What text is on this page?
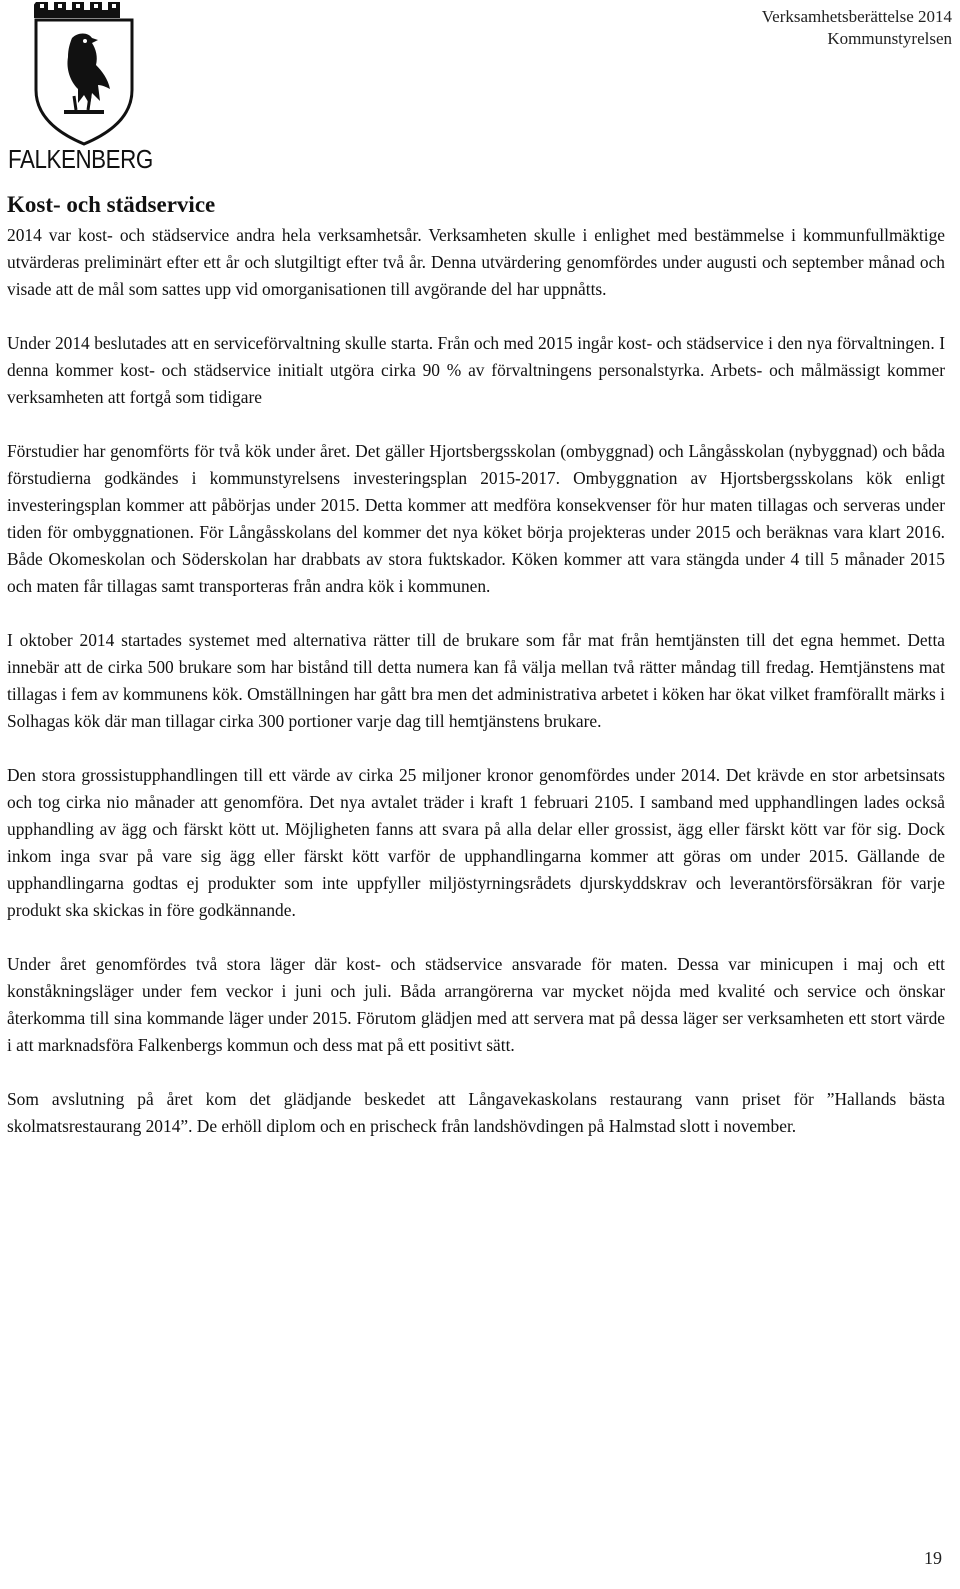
FALKENBERG
Verksamhetsberättelse 2014
Kommunstyrelsen
Kost- och städservice

2014 var kost- och städservice andra hela verksamhetsår. Verksamheten skulle i enlighet med bestämmelse i kommunfullmäktige utvärderas preliminärt efter ett år och slutgiltigt efter två år. Denna utvärdering genomfördes under augusti och september månad och visade att de mål som sattes upp vid omorganisationen till avgörande del har uppnåtts.

Under 2014 beslutades att en serviceförvaltning skulle starta. Från och med 2015 ingår kost- och städservice i den nya förvaltningen. I denna kommer kost- och städservice initialt utgöra cirka 90 % av förvaltningens personalstyrka. Arbets- och målmässigt kommer verksamheten att fortgå som tidigare

Förstudier har genomförts för två kök under året. Det gäller Hjortsbergsskolan (ombyggnad) och Långåsskolan (nybyggnad) och båda förstudierna godkändes i kommunstyrelsens investeringsplan 2015-2017. Ombyggnation av Hjortsbergsskolans kök enligt investeringsplan kommer att påbörjas under 2015. Detta kommer att medföra konsekvenser för hur maten tillagas och serveras under tiden för ombyggnationen. För Långåsskolans del kommer det nya köket börja projekteras under 2015 och beräknas vara klart 2016. Både Okomeskolan och Söderskolan har drabbats av stora fuktskador. Köken kommer att vara stängda under 4 till 5 månader 2015 och maten får tillagas samt transporteras från andra kök i kommunen.

I oktober 2014 startades systemet med alternativa rätter till de brukare som får mat från hemtjänsten till det egna hemmet. Detta innebär att de cirka 500 brukare som har bistånd till detta numera kan få välja mellan två rätter måndag till fredag. Hemtjänstens mat tillagas i fem av kommunens kök. Omställningen har gått bra men det administrativa arbetet i köken har ökat vilket framförallt märks i Solhagas kök där man tillagar cirka 300 portioner varje dag till hemtjänstens brukare.

Den stora grossistupphandlingen till ett värde av cirka 25 miljoner kronor genomfördes under 2014. Det krävde en stor arbetsinsats och tog cirka nio månader att genomföra. Det nya avtalet träder i kraft 1 februari 2105. I samband med upphandlingen lades också upphandling av ägg och färskt kött ut. Möjligheten fanns att svara på alla delar eller grossist, ägg eller färskt kött var för sig. Dock inkom inga svar på vare sig ägg eller färskt kött varför de upphandlingarna kommer att göras om under 2015. Gällande de upphandlingarna godtas ej produkter som inte uppfyller miljöstyrningsrådets djurskyddskrav och leverantörsförsäkran för varje produkt ska skickas in före godkännande.

Under året genomfördes två stora läger där kost- och städservice ansvarade för maten. Dessa var minicupen i maj och ett konståkningsläger under fem veckor i juni och juli. Båda arrangörerna var mycket nöjda med kvalité och service och önskar återkomma till sina kommande läger under 2015. Förutom glädjen med att servera mat på dessa läger ser verksamheten ett stort värde i att marknadsföra Falkenbergs kommun och dess mat på ett positivt sätt.

Som avslutning på året kom det glädjande beskedet att Långavekaskolans restaurang vann priset för ”Hallands bästa skolmatsrestaurang 2014”. De erhöll diplom och en prischeck från landshövdingen på Halmstad slott i november.

19
